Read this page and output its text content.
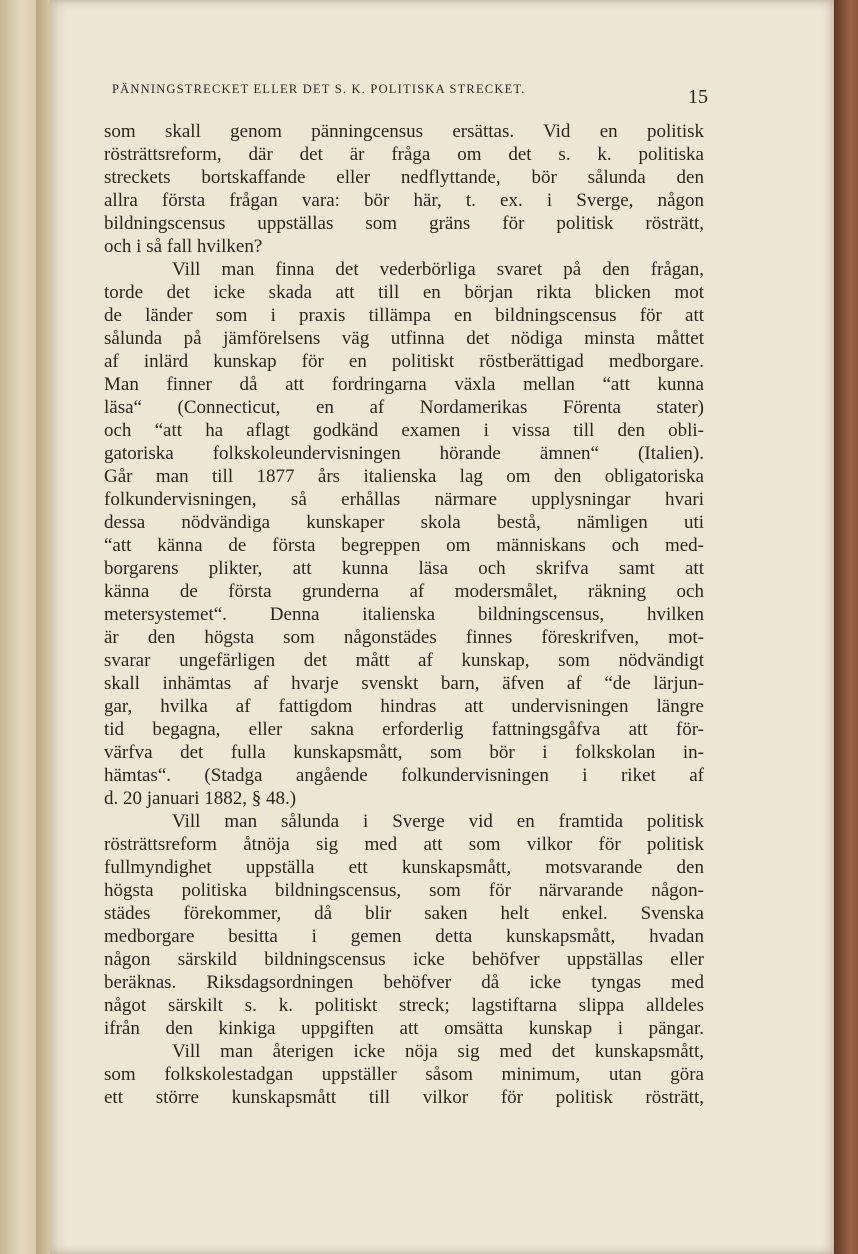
PÄNNINGSTRECKET ELLER DET S. K. POLITISKA STRECKET.	15
som skall genom pänningcensus ersättas. Vid en politisk
rösträttsreform, där det är fråga om det s. k. politiska
streckets bortskaffande eller nedflyttande, bör sålunda den
allra första frågan vara: bör här, t. ex. i Sverge, någon
bildningscensus uppställas som gräns för politisk rösträtt,
och i så fall hvilken?
Vill man finna det vederbörliga svaret på den frågan,
torde det icke skada att till en början rikta blicken mot
de länder som i praxis tillämpa en bildningscensus för att
sålunda på jämförelsens väg utfinna det nödiga minsta måttet
af inlärd kunskap för en politiskt röstberättigad medborgare.
Man finner då att fordringarna växla mellan “att kunna
läsa“ (Connecticut, en af Nordamerikas Förenta stater)
och “att ha aflagt godkänd examen i vissa till den obli-
gatoriska folkskoleundervisningen hörande ämnen“ (Italien).
Går man till 1877 års italienska lag om den obligatoriska
folkundervisningen, så erhållas närmare upplysningar hvari
dessa nödvändiga kunskaper skola bestå, nämligen uti
“att känna de första begreppen om människans och med-
borgarens plikter, att kunna läsa och skrifva samt att
känna de första grunderna af modersmålet, räkning och
metersystemet“. Denna italienska bildningscensus, hvilken
är den högsta som någonstädes finnes föreskrifven, mot-
svarar ungefärligen det mått af kunskap, som nödvändigt
skall inhämtas af hvarje svenskt barn, äfven af “de lärjun-
gar, hvilka af fattigdom hindras att undervisningen längre
tid begagna, eller sakna erforderlig fattningsgåfva att för-
värfva det fulla kunskapsmått, som bör i folkskolan in-
hämtas“. (Stadga angående folkundervisningen i riket af
d. 20 januari 1882, § 48.)
Vill man sålunda i Sverge vid en framtida politisk
rösträttsreform åtnöja sig med att som vilkor för politisk
fullmyndighet uppställa ett kunskapsmått, motsvarande den
högsta politiska bildningscensus, som för närvarande någon-
städes förekommer, då blir saken helt enkel. Svenska
medborgare besitta i gemen detta kunskapsmått, hvadan
någon särskild bildningscensus icke behöfver uppställas eller
beräknas. Riksdagsordningen behöfver då icke tyngas med
något särskilt s. k. politiskt streck; lagstiftarna slippa alldeles
ifrån den kinkiga uppgiften att omsätta kunskap i pängar.
Vill man återigen icke nöja sig med det kunskapsmått,
som folkskolestadgan uppställer såsom minimum, utan göra
ett större kunskapsmått till vilkor för politisk rösträtt,
